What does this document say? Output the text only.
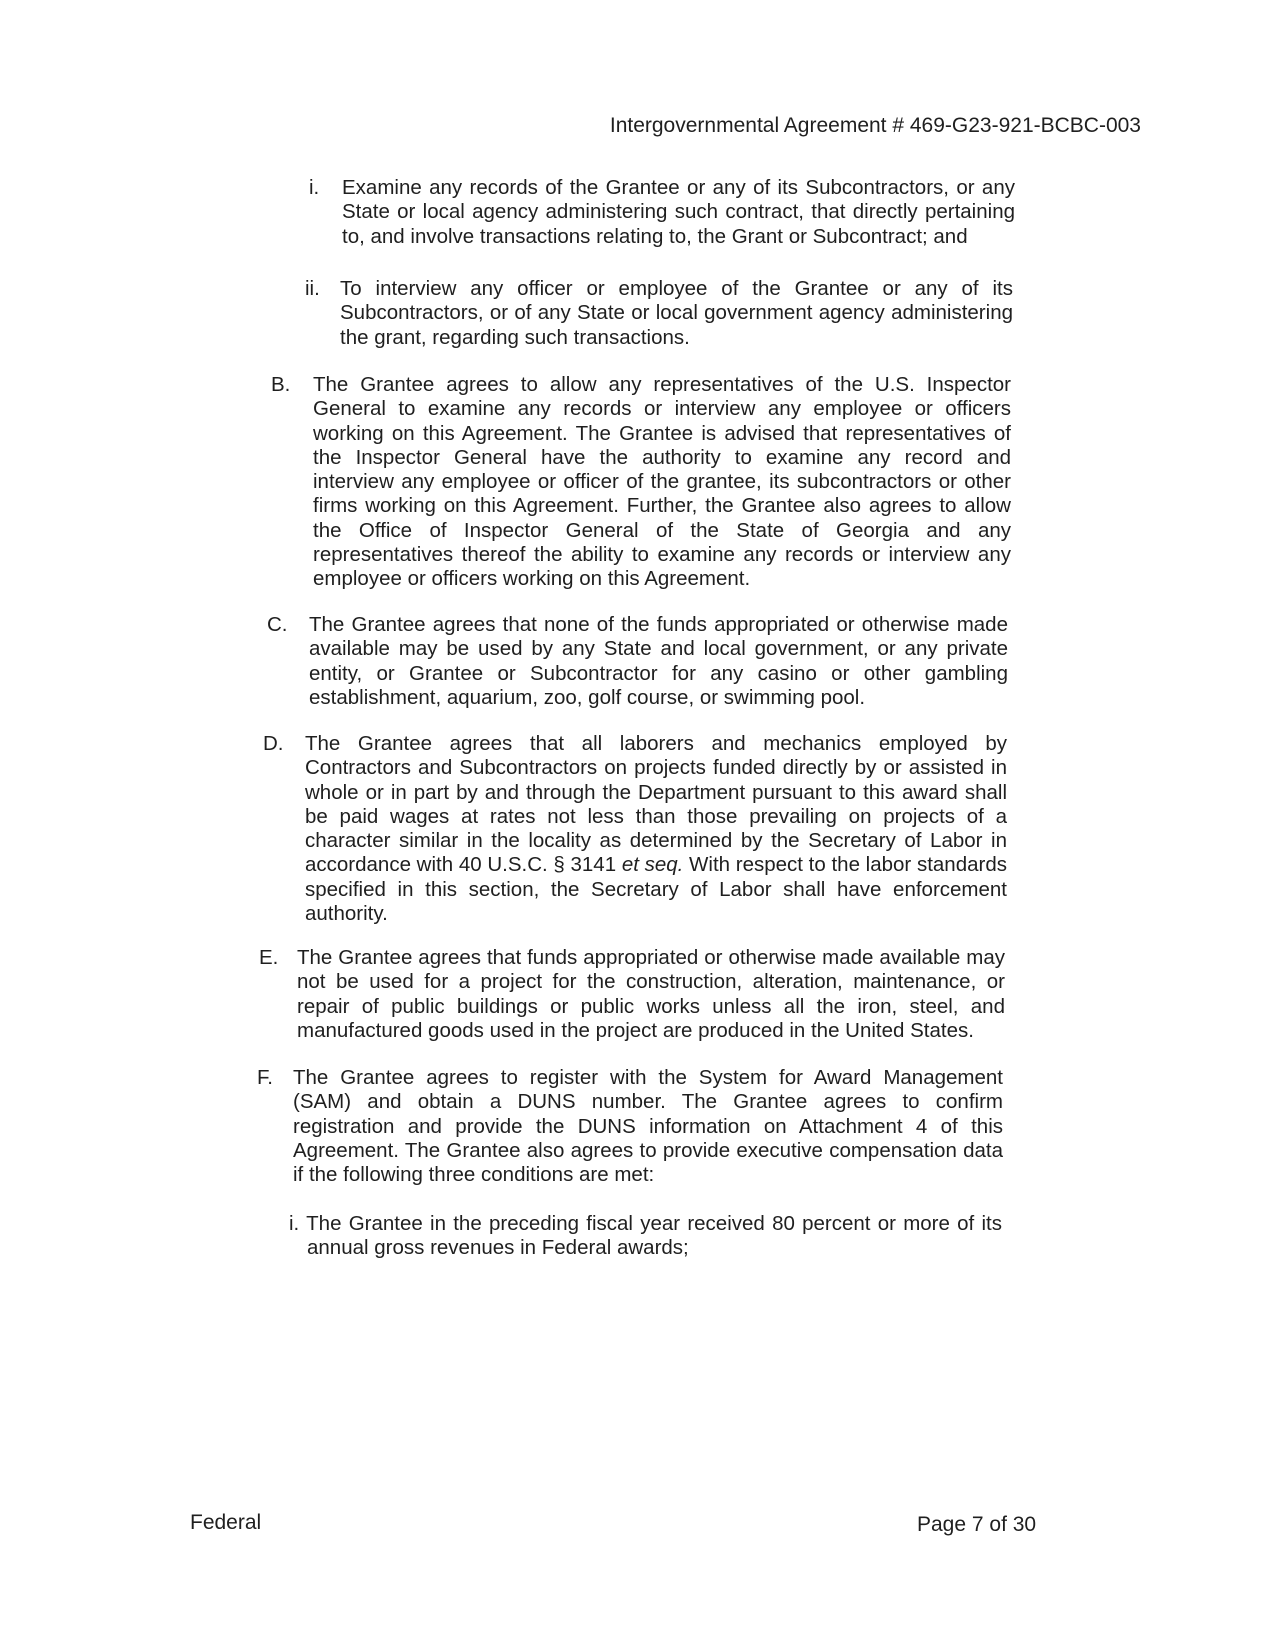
Intergovernmental Agreement # 469-G23-921-BCBC-003
i. Examine any records of the Grantee or any of its Subcontractors, or any State or local agency administering such contract, that directly pertaining to, and involve transactions relating to, the Grant or Subcontract; and
ii. To interview any officer or employee of the Grantee or any of its Subcontractors, or of any State or local government agency administering the grant, regarding such transactions.
B. The Grantee agrees to allow any representatives of the U.S. Inspector General to examine any records or interview any employee or officers working on this Agreement. The Grantee is advised that representatives of the Inspector General have the authority to examine any record and interview any employee or officer of the grantee, its subcontractors or other firms working on this Agreement. Further, the Grantee also agrees to allow the Office of Inspector General of the State of Georgia and any representatives thereof the ability to examine any records or interview any employee or officers working on this Agreement.
C. The Grantee agrees that none of the funds appropriated or otherwise made available may be used by any State and local government, or any private entity, or Grantee or Subcontractor for any casino or other gambling establishment, aquarium, zoo, golf course, or swimming pool.
D. The Grantee agrees that all laborers and mechanics employed by Contractors and Subcontractors on projects funded directly by or assisted in whole or in part by and through the Department pursuant to this award shall be paid wages at rates not less than those prevailing on projects of a character similar in the locality as determined by the Secretary of Labor in accordance with 40 U.S.C. § 3141 et seq. With respect to the labor standards specified in this section, the Secretary of Labor shall have enforcement authority.
E. The Grantee agrees that funds appropriated or otherwise made available may not be used for a project for the construction, alteration, maintenance, or repair of public buildings or public works unless all the iron, steel, and manufactured goods used in the project are produced in the United States.
F. The Grantee agrees to register with the System for Award Management (SAM) and obtain a DUNS number. The Grantee agrees to confirm registration and provide the DUNS information on Attachment 4 of this Agreement. The Grantee also agrees to provide executive compensation data if the following three conditions are met:
i. The Grantee in the preceding fiscal year received 80 percent or more of its annual gross revenues in Federal awards;
Federal	Page 7 of 30
